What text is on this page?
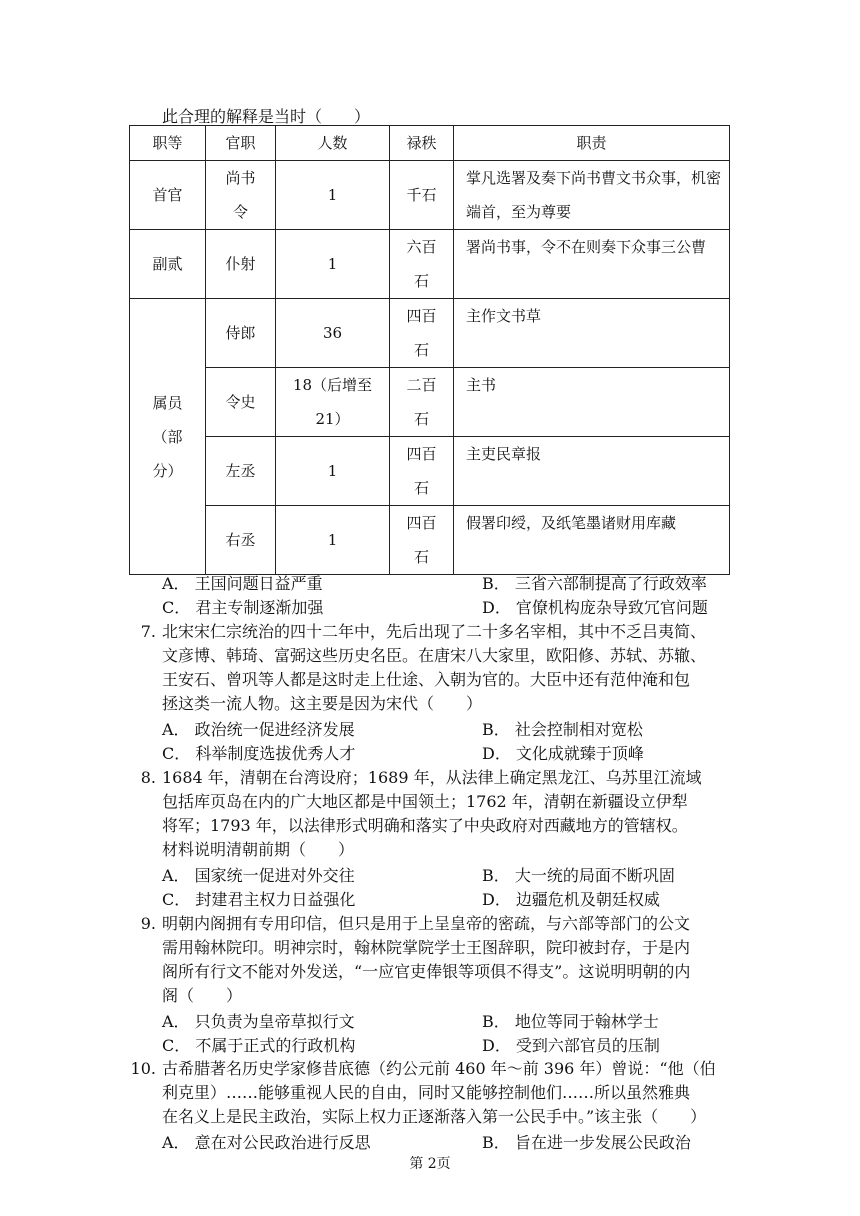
此合理的解释是当时（　　）
职等	官职	人数	禄秩	职责
首官	尚书令	1	千石	掌凡选署及奏下尚书曹文书众事，机密端首，至为尊要
副贰	仆射	1	六百石	署尚书事，令不在则奏下众事三公曹
属员（部分）	侍郎	36	四百石	主作文书草
	令史	18（后增至21）	二百石	主书
	左丞	1	四百石	主吏民章报
	右丞	1	四百石	假署印绶，及纸笔墨诸财用库藏
A． 王国问题日益严重	B． 三省六部制提高了行政效率
C． 君主专制逐渐加强	D． 官僚机构庞杂导致冗官问题
7. 北宋宋仁宗统治的四十二年中，先后出现了二十多名宰相，其中不乏吕夷简、
文彦博、韩琦、富弼这些历史名臣。在唐宋八大家里，欧阳修、苏轼、苏辙、
王安石、曾巩等人都是这时走上仕途、入朝为官的。大臣中还有范仲淹和包
拯这类一流人物。这主要是因为宋代（　　）
A． 政治统一促进经济发展	B． 社会控制相对宽松
C． 科举制度选拔优秀人才	D． 文化成就臻于顶峰
8. 1684 年，清朝在台湾设府；1689 年，从法律上确定黑龙江、乌苏里江流域
包括库页岛在内的广大地区都是中国领土；1762 年，清朝在新疆设立伊犁
将军；1793 年，以法律形式明确和落实了中央政府对西藏地方的管辖权。
材料说明清朝前期（　　）
A． 国家统一促进对外交往	B． 大一统的局面不断巩固
C． 封建君主权力日益强化	D． 边疆危机及朝廷权威
9. 明朝内阁拥有专用印信，但只是用于上呈皇帝的密疏，与六部等部门的公文
需用翰林院印。明神宗时，翰林院掌院学士王图辞职，院印被封存，于是内
阁所有行文不能对外发送，“一应官吏俸银等项俱不得支”。这说明明朝的内
阁（　　）
A． 只负责为皇帝草拟行文	B． 地位等同于翰林学士
C． 不属于正式的行政机构	D． 受到六部官员的压制
10. 古希腊著名历史学家修昔底德（约公元前 460 年～前 396 年）曾说：“他（伯
利克里）……能够重视人民的自由，同时又能够控制他们……所以虽然雅典
在名义上是民主政治，实际上权力正逐渐落入第一公民手中。”该主张（　　）
A． 意在对公民政治进行反思	B． 旨在进一步发展公民政治
第 2页
